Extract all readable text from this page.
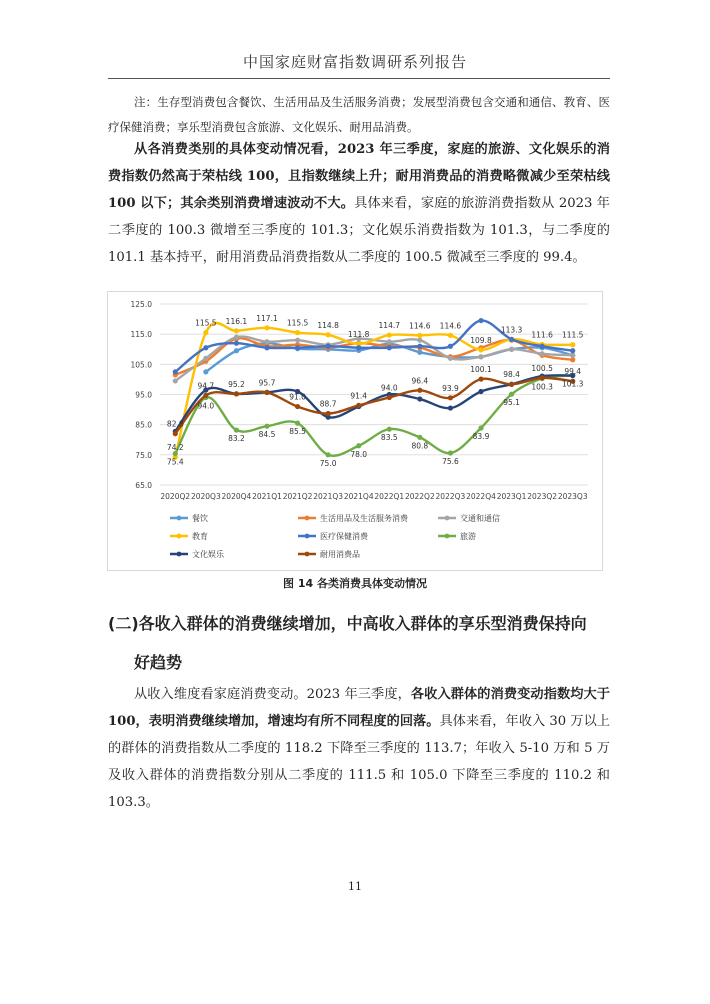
中国家庭财富指数调研系列报告
注：生存型消费包含餐饮、生活用品及生活服务消费；发展型消费包含交通和通信、教育、医疗保健消费；享乐型消费包含旅游、文化娱乐、耐用品消费。
从各消费类别的具体变动情况看，2023 年三季度，家庭的旅游、文化娱乐的消费指数仍然高于荣枯线 100，且指数继续上升；耐用消费品的消费略微减少至荣枯线 100 以下；其余类别消费增速波动不大。具体来看，家庭的旅游消费指数从 2023 年二季度的 100.3 微增至三季度的 101.3；文化娱乐消费指数为 101.3，与二季度的 101.1 基本持平，耐用消费品消费指数从二季度的 100.5 微减至三季度的 99.4。
65.0
75.0
85.0
95.0
105.0
115.0
125.0
2020Q2 2020Q3 2020Q4 2021Q1 2021Q2 2021Q3 2021Q4 2022Q1 2022Q2 2022Q3 2022Q4 2023Q1 2023Q2 2023Q3
74.2
115.5 116.1 117.1
115.5 114.8
111.8
114.7 114.6 114.6
109.8
113.3
111.6 111.5
75.4
94.0
83.2 84.5 85.5
75.0
78.0
83.5
80.8
75.6
83.9
95.1
100.3 101.3
82.8
94.7 95.2 95.7
91.0
88.7
91.4
94.0
96.4
93.9
100.1
98.4
100.5 99.4
餐饮	生活用品及生活服务消费	交通和通信
教育	医疗保健消费	旅游
文化娱乐	耐用消费品
图 14 各类消费具体变动情况
(二)各收入群体的消费继续增加，中高收入群体的享乐型消费保持向
好趋势
从收入维度看家庭消费变动。2023 年三季度，各收入群体的消费变动指数均大于 100，表明消费继续增加，增速均有所不同程度的回落。具体来看，年收入 30 万以上的群体的消费指数从二季度的 118.2 下降至三季度的 113.7；年收入 5-10 万和 5 万及收入群体的消费指数分别从二季度的 111.5 和 105.0 下降至三季度的 110.2 和 103.3。
11
